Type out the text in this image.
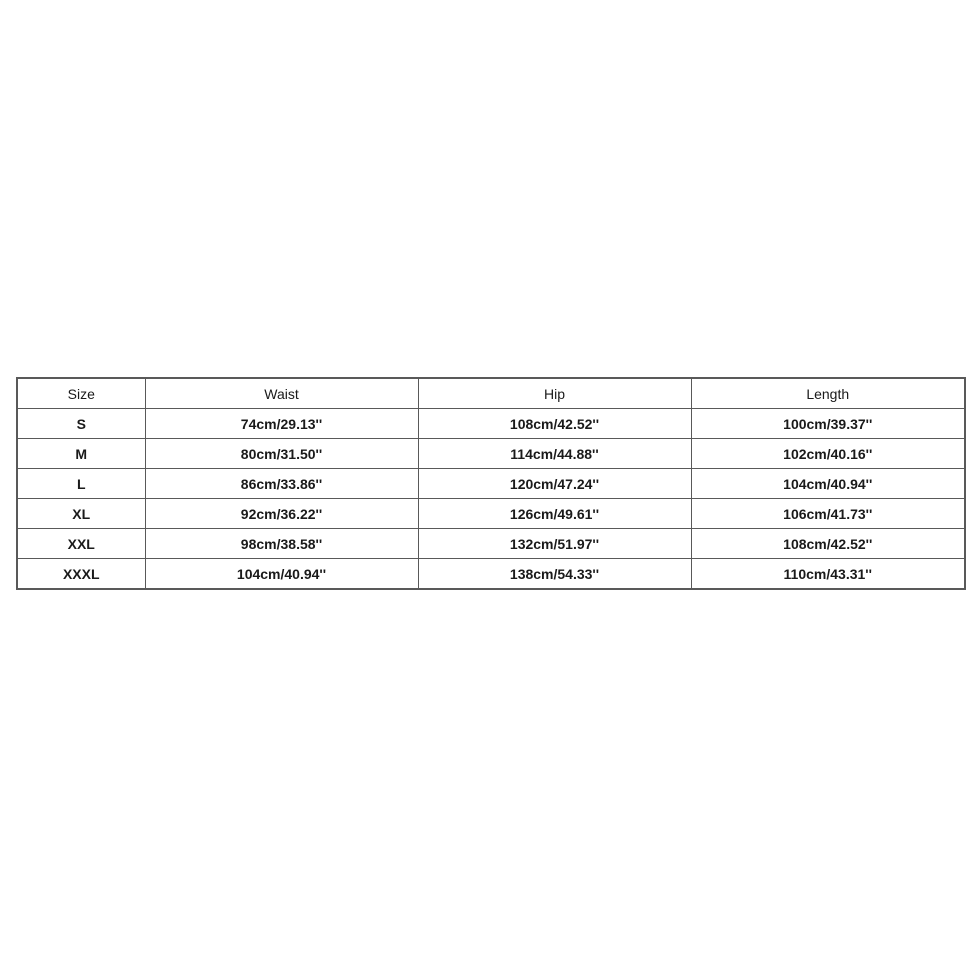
Size	Waist	Hip	Length
S	74cm/29.13''	108cm/42.52''	100cm/39.37''
M	80cm/31.50''	114cm/44.88''	102cm/40.16''
L	86cm/33.86''	120cm/47.24''	104cm/40.94''
XL	92cm/36.22''	126cm/49.61''	106cm/41.73''
XXL	98cm/38.58''	132cm/51.97''	108cm/42.52''
XXXL	104cm/40.94''	138cm/54.33''	110cm/43.31''
